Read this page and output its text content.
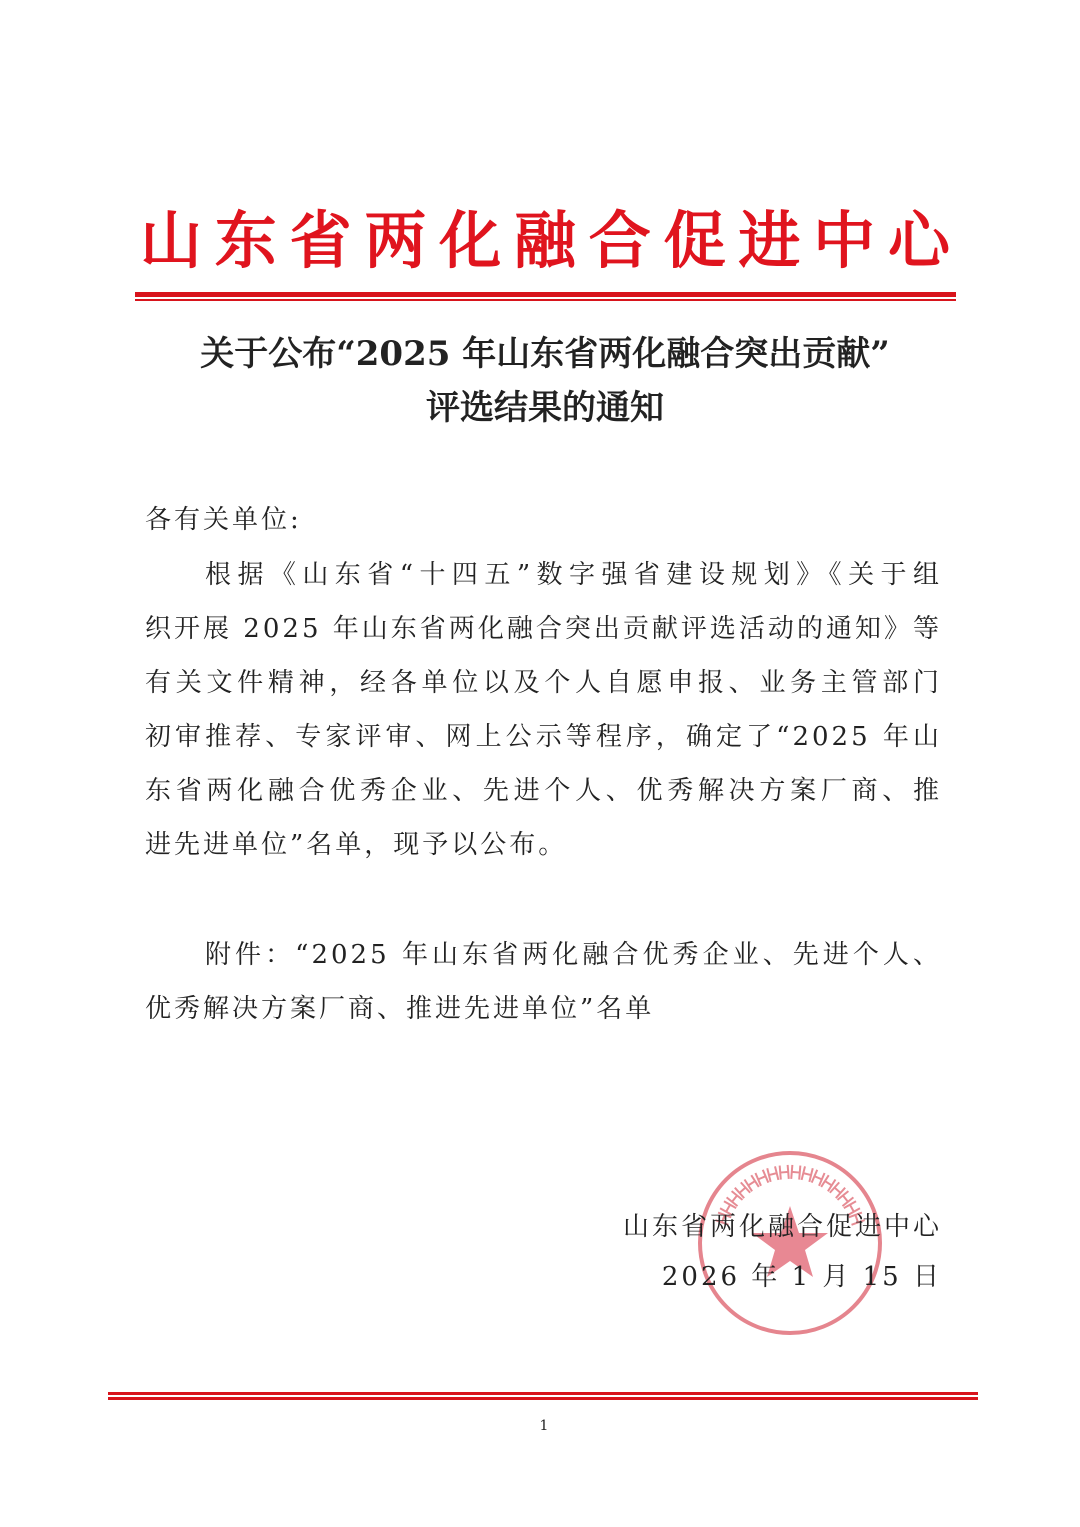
山 东 省 两 化 融 合 促 进 中 心
关于公布“2025 年山东省两化融合突出贡献”
评选结果的通知
各有关单位:
根据《山东省“十四五”数字强省建设规划》《关于组
织开展 2025 年山东省两化融合突出贡献评选活动的通知》等
有关文件精神，经各单位以及个人自愿申报、业务主管部门
初审推荐、专家评审、网上公示等程序，确定了“2025 年山
东省两化融合优秀企业、先进个人、优秀解决方案厂商、推
进先进单位”名单，现予以公布。
附件：“2025 年山东省两化融合优秀企业、先进个人、
优秀解决方案厂商、推进先进单位”名单
山东省两化融合促进中心
2026 年 1 月 15 日
1
